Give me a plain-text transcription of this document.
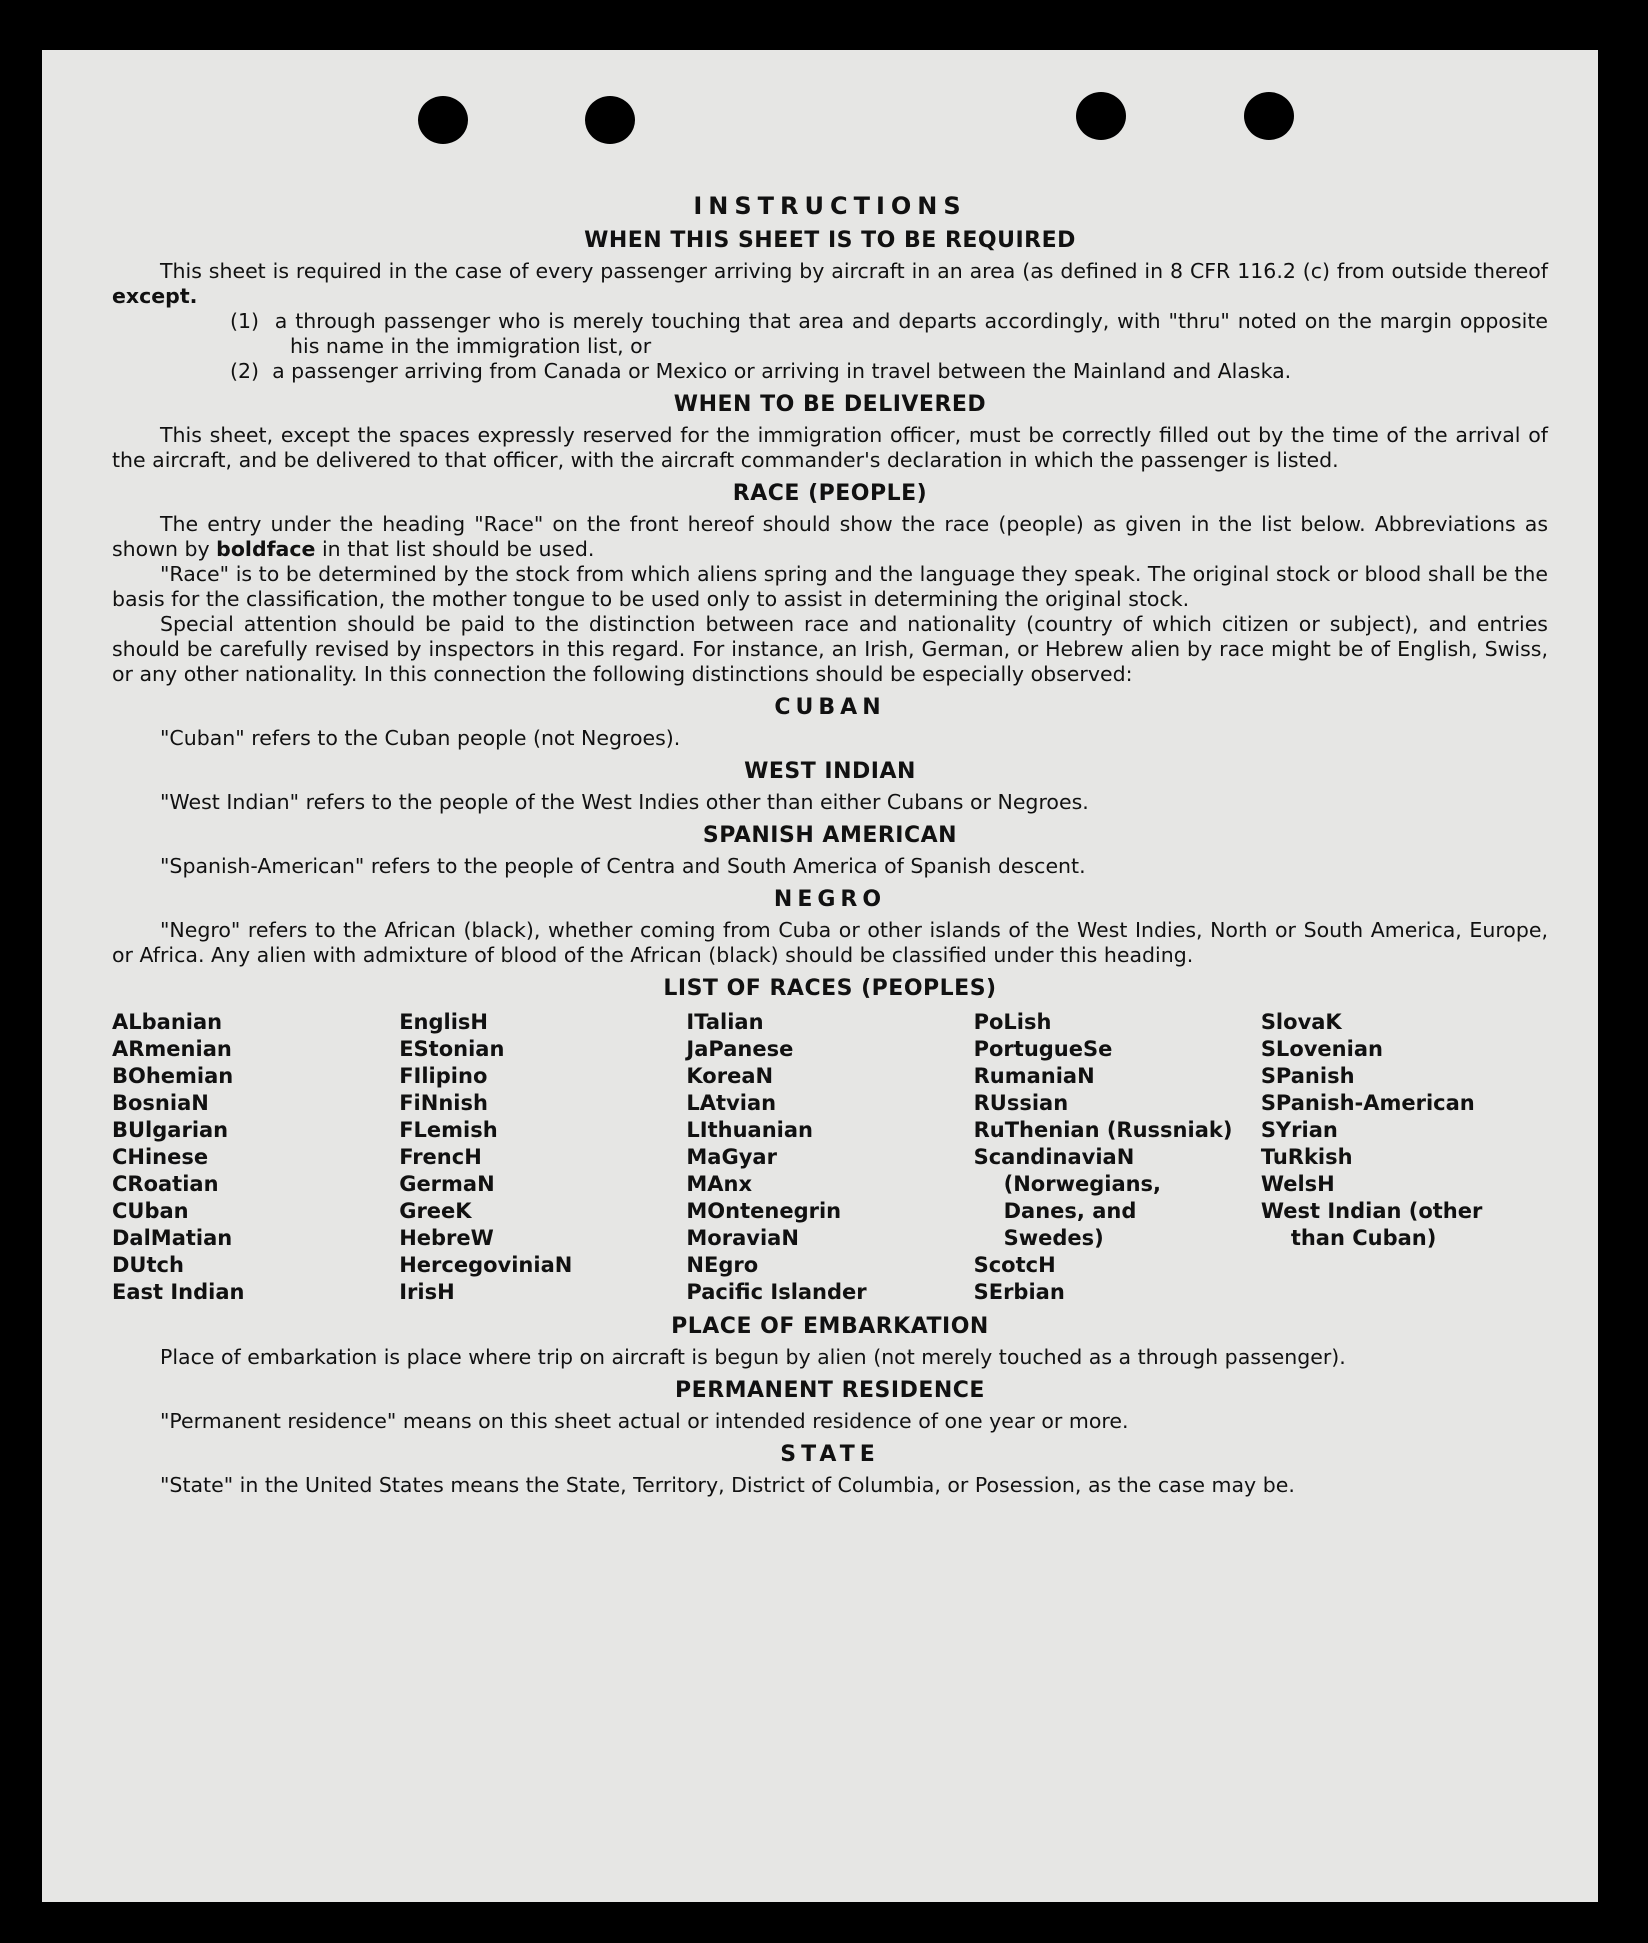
INSTRUCTIONS
WHEN THIS SHEET IS TO BE REQUIRED

This sheet is required in the case of every passenger arriving by aircraft in an area (as defined in 8 CFR 116.2 (c) from outside thereof except.

(1) a through passenger who is merely touching that area and departs accordingly, with "thru" noted on the margin opposite his name in the immigration list, or

(2) a passenger arriving from Canada or Mexico or arriving in travel between the Mainland and Alaska.

WHEN TO BE DELIVERED

This sheet, except the spaces expressly reserved for the immigration officer, must be correctly filled out by the time of the arrival of the aircraft, and be delivered to that officer, with the aircraft commander's declaration in which the passenger is listed.

RACE (PEOPLE)

The entry under the heading "Race" on the front hereof should show the race (people) as given in the list below. Abbreviations as shown by boldface in that list should be used.

"Race" is to be determined by the stock from which aliens spring and the language they speak. The original stock or blood shall be the basis for the classification, the mother tongue to be used only to assist in determining the original stock.

Special attention should be paid to the distinction between race and nationality (country of which citizen or subject), and entries should be carefully revised by inspectors in this regard. For instance, an Irish, German, or Hebrew alien by race might be of English, Swiss, or any other nationality. In this connection the following distinctions should be especially observed:

CUBAN

"Cuban" refers to the Cuban people (not Negroes).

WEST INDIAN

"West Indian" refers to the people of the West Indies other than either Cubans or Negroes.

SPANISH AMERICAN

"Spanish-American" refers to the people of Centra and South America of Spanish descent.

NEGRO

"Negro" refers to the African (black), whether coming from Cuba or other islands of the West Indies, North or South America, Europe, or Africa. Any alien with admixture of blood of the African (black) should be classified under this heading.

LIST OF RACES (PEOPLES)
ALbanian
ARmenian
BOhemian
BosniaN
BUlgarian
CHinese
CRoatian
CUban
DalMatian
DUtch
East Indian
EnglisH
EStonian
FIlipino
FiNnish
FLemish
FrencH
GermaN
GreeK
HebreW
HercegoviniaN
IrisH
ITalian
JaPanese
KoreaN
LAtvian
LIthuanian
MaGyar
MAnx
MOntenegrin
MoraviaN
NEgro
Pacific Islander
PoLish
PortugueSe
RumaniaN
RUssian
RuThenian (Russniak)
ScandinaviaN
(Norwegians,
Danes, and
Swedes)
ScotcH
SErbian
SlovaK
SLovenian
SPanish
SPanish-American
SYrian
TuRkish
WelsH
West Indian (other
than Cuban)
PLACE OF EMBARKATION

Place of embarkation is place where trip on aircraft is begun by alien (not merely touched as a through passenger).

PERMANENT RESIDENCE

"Permanent residence" means on this sheet actual or intended residence of one year or more.

STATE

"State" in the United States means the State, Territory, District of Columbia, or Posession, as the case may be.
